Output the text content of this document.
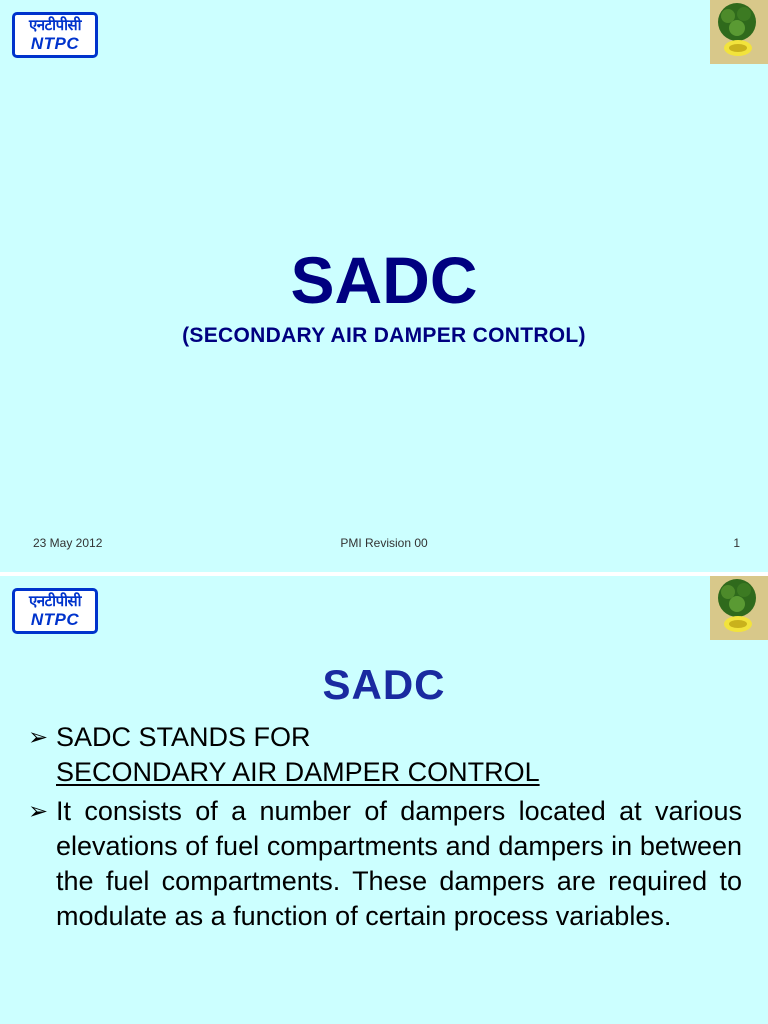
एनटीपीसी
NTPC
SADC
(SECONDARY AIR DAMPER CONTROL)
23 May 2012	PMI Revision 00	1
एनटीपीसी
NTPC
SADC
➢ SADC STANDS FOR
SECONDARY AIR DAMPER CONTROL
➢ It consists of a number of dampers located at various elevations of fuel compartments and dampers in between the fuel compartments. These dampers are required to modulate as a function of certain process variables.
